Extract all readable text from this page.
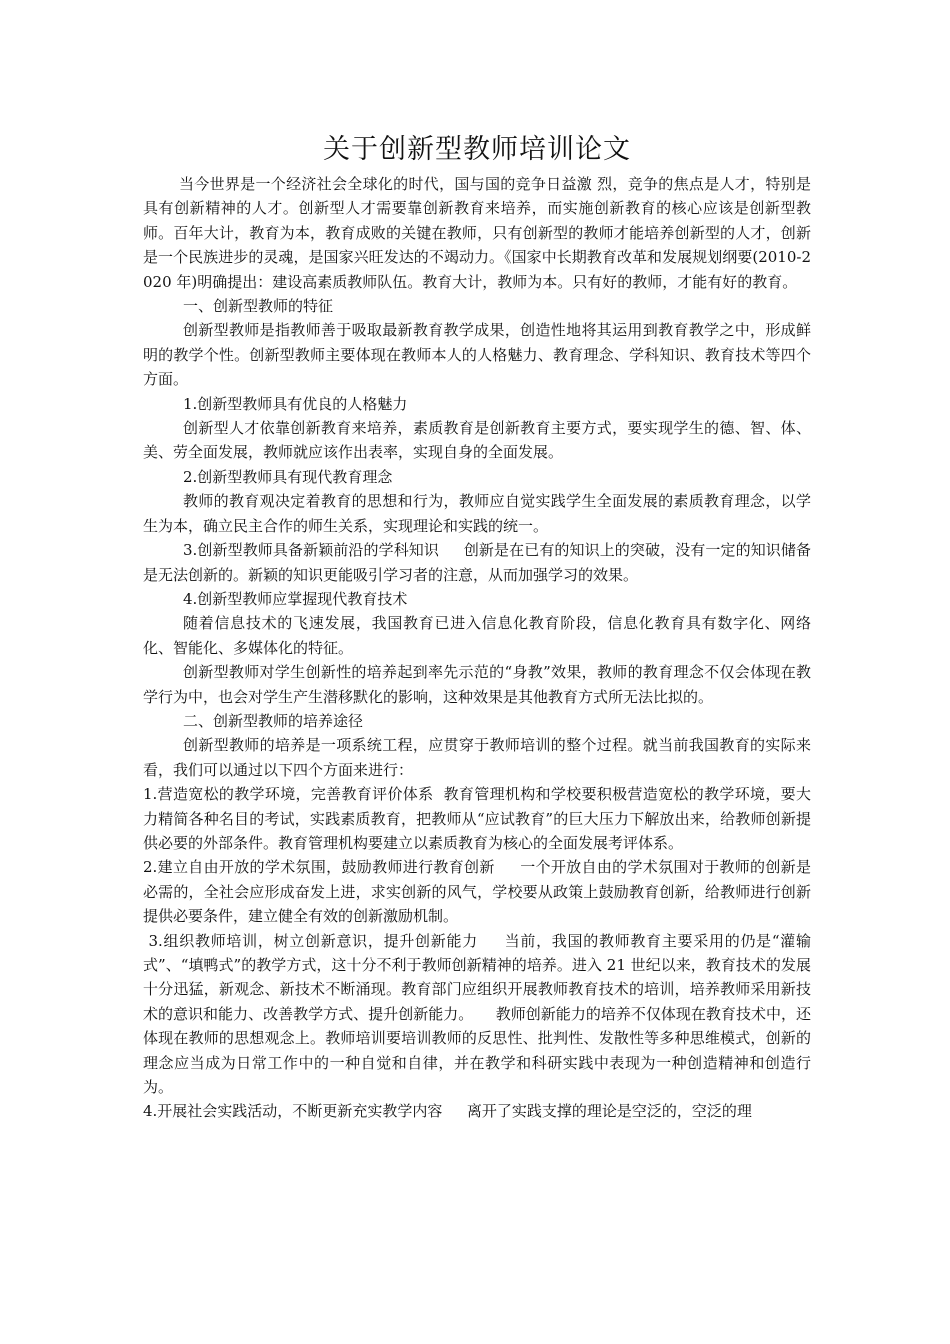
关于创新型教师培训论文

当今世界是一个经济社会全球化的时代，国与国的竞争日益激 烈，竞争的焦点是人才，特别是具有创新精神的人才。创新型人才需要靠创新教育来培养，而实施创新教育的核心应该是创新型教师。百年大计，教育为本，教育成败的关键在教师，只有创新型的教师才能培养创新型的人才，创新是一个民族进步的灵魂，是国家兴旺发达的不竭动力。《国家中长期教育改革和发展规划纲要(2010-2020 年)明确提出：建设高素质教师队伍。教育大计，教师为本。只有好的教师，才能有好的教育。

一、创新型教师的特征

创新型教师是指教师善于吸取最新教育教学成果，创造性地将其运用到教育教学之中，形成鲜明的教学个性。创新型教师主要体现在教师本人的人格魅力、教育理念、学科知识、教育技术等四个方面。

1.创新型教师具有优良的人格魅力

创新型人才依靠创新教育来培养，素质教育是创新教育主要方式，要实现学生的德、智、体、美、劳全面发展，教师就应该作出表率，实现自身的全面发展。

2.创新型教师具有现代教育理念

教师的教育观决定着教育的思想和行为，教师应自觉实践学生全面发展的素质教育理念，以学生为本，确立民主合作的师生关系，实现理论和实践的统一。

3.创新型教师具备新颖前沿的学科知识　  创新是在已有的知识上的突破，没有一定的知识储备是无法创新的。新颖的知识更能吸引学习者的注意，从而加强学习的效果。

4.创新型教师应掌握现代教育技术

随着信息技术的飞速发展，我国教育已进入信息化教育阶段，信息化教育具有数字化、网络化、智能化、多媒体化的特征。

创新型教师对学生创新性的培养起到率先示范的“身教”效果，教师的教育理念不仅会体现在教学行为中，也会对学生产生潜移默化的影响，这种效果是其他教育方式所无法比拟的。

二、创新型教师的培养途径

创新型教师的培养是一项系统工程，应贯穿于教师培训的整个过程。就当前我国教育的实际来看，我们可以通过以下四个方面来进行：

1.营造宽松的教学环境，完善教育评价体系  教育管理机构和学校要积极营造宽松的教学环境，要大力精简各种名目的考试，实践素质教育，把教师从“应试教育”的巨大压力下解放出来，给教师创新提供必要的外部条件。教育管理机构要建立以素质教育为核心的全面发展考评体系。

2.建立自由开放的学术氛围，鼓励教师进行教育创新　  一个开放自由的学术氛围对于教师的创新是必需的，全社会应形成奋发上进，求实创新的风气，学校要从政策上鼓励教育创新，给教师进行创新提供必要条件，建立健全有效的创新激励机制。

3.组织教师培训，树立创新意识，提升创新能力　  当前，我国的教师教育主要采用的仍是“灌输式”、“填鸭式”的教学方式，这十分不利于教师创新精神的培养。进入 21 世纪以来，教育技术的发展十分迅猛，新观念、新技术不断涌现。教育部门应组织开展教师教育技术的培训，培养教师采用新技术的意识和能力、改善教学方式、提升创新能力。　　教师创新能力的培养不仅体现在教育技术中，还体现在教师的思想观念上。教师培训要培训教师的反思性、批判性、发散性等多种思维模式，创新的理念应当成为日常工作中的一种自觉和自律，并在教学和科研实践中表现为一种创造精神和创造行为。

4.开展社会实践活动，不断更新充实教学内容　  离开了实践支撑的理论是空泛的，空泛的理
